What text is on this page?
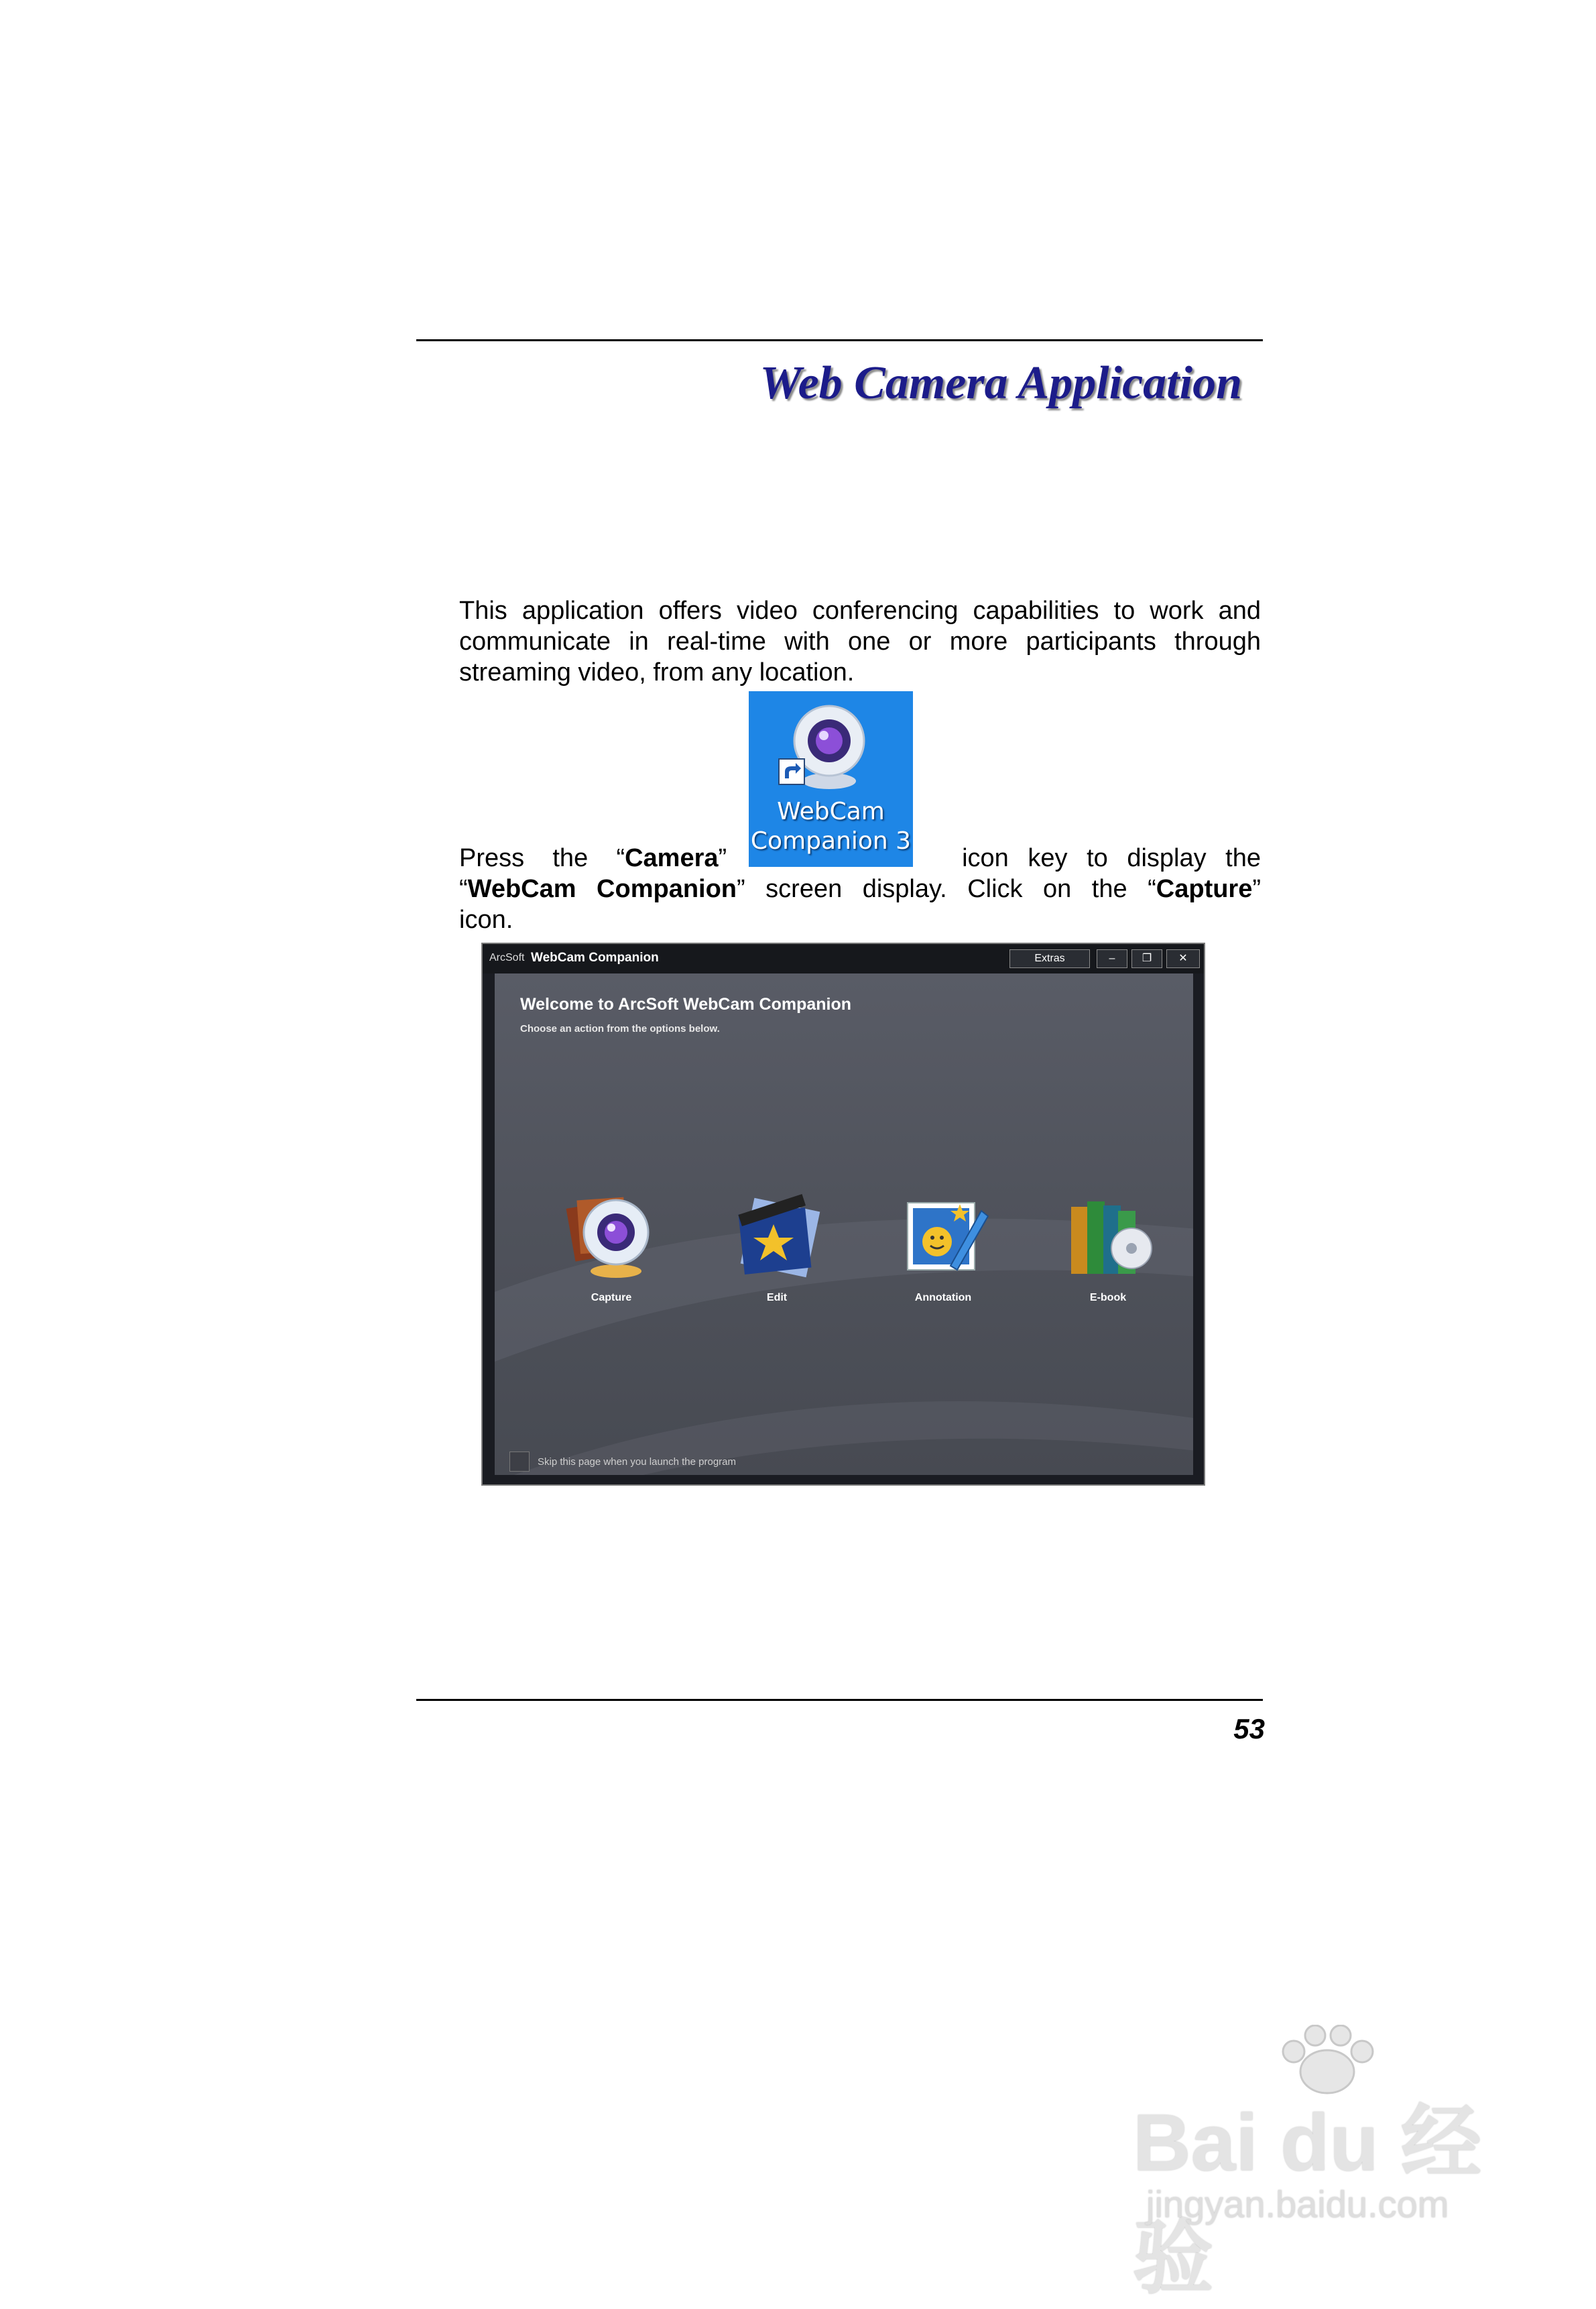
Web Camera Application
This application offers video conferencing capabilities to work and
communicate in real-time with one or more participants through
streaming video, from any location.
WebCam
Companion 3
Press the “Camera”	icon key to display the
“WebCam Companion” screen display. Click on the “Capture”
icon.
ArcSoft WebCam Companion	Extras	–	❐	✕
Welcome to ArcSoft WebCam Companion
Choose an action from the options below.
Capture	Edit	Annotation	E-book
Skip this page when you launch the program
53
Bai du 经验
jingyan.baidu.com
